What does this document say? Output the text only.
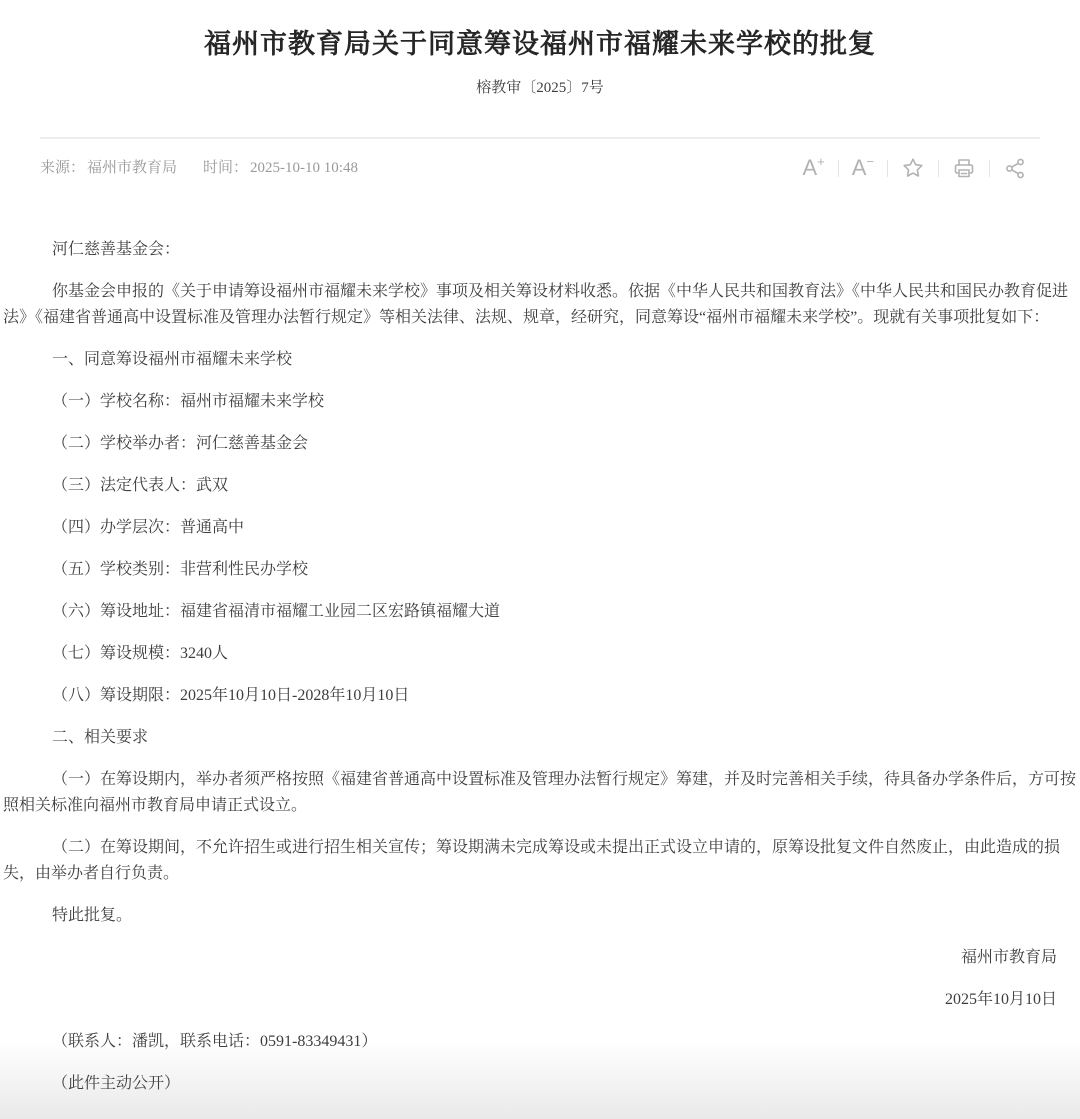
福州市教育局关于同意筹设福州市福耀未来学校的批复
榕教审〔2025〕7号
来源： 福州市教育局 时间： 2025-10-10 10:48	A + A −

河仁慈善基金会：

你基金会申报的《关于申请筹设福州市福耀未来学校》事项及相关筹设材料收悉。依据《中华人民共和国教育法》《中华人民共和国民办教育促进法》《福建省普通高中设置标准及管理办法暂行规定》等相关法律、法规、规章，经研究，同意筹设“福州市福耀未来学校”。现就有关事项批复如下：

一、同意筹设福州市福耀未来学校

（一）学校名称：福州市福耀未来学校

（二）学校举办者：河仁慈善基金会

（三）法定代表人：武双

（四）办学层次：普通高中

（五）学校类别：非营利性民办学校

（六）筹设地址：福建省福清市福耀工业园二区宏路镇福耀大道

（七）筹设规模：3240人

（八）筹设期限：2025年10月10日-2028年10月10日

二、相关要求

（一）在筹设期内，举办者须严格按照《福建省普通高中设置标准及管理办法暂行规定》筹建，并及时完善相关手续，待具备办学条件后，方可按照相关标准向福州市教育局申请正式设立。

（二）在筹设期间，不允许招生或进行招生相关宣传；筹设期满未完成筹设或未提出正式设立申请的，原筹设批复文件自然废止，由此造成的损失，由举办者自行负责。

特此批复。

福州市教育局

2025年10月10日

（联系人：潘凯，联系电话：0591-83349431）

（此件主动公开）
